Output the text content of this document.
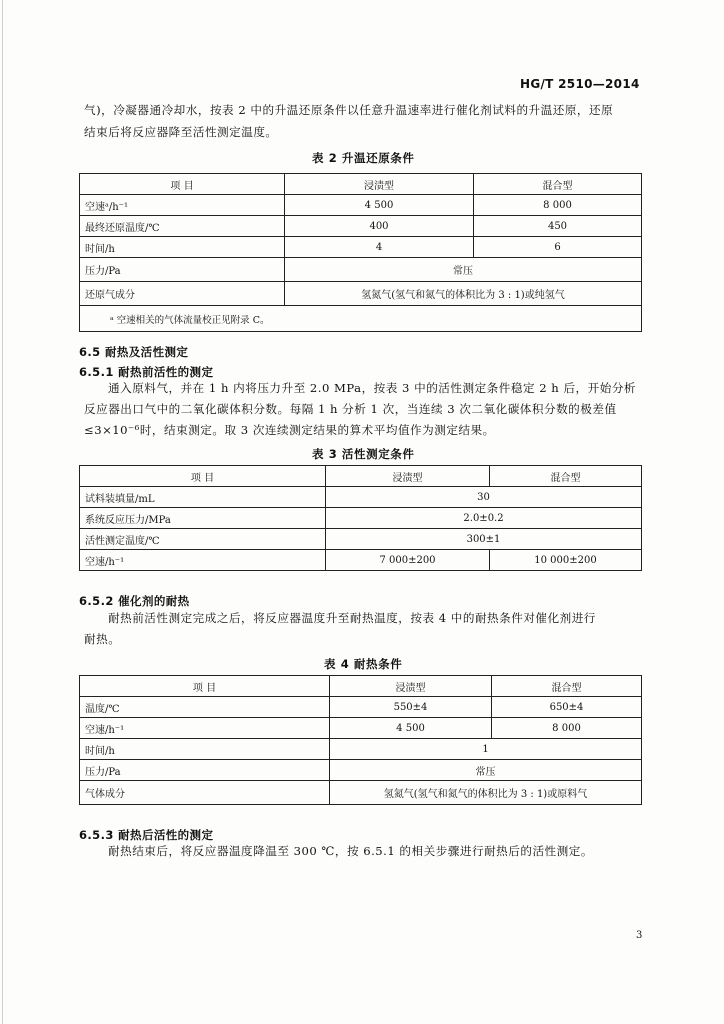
HG/T 2510—2014
气)，冷凝器通冷却水，按表 2 中的升温还原条件以任意升温速率进行催化剂试料的升温还原，还原
结束后将反应器降至活性测定温度。
表 2 升温还原条件
项 目	浸渍型	混合型
空速ᵃ/h⁻¹	4 500	8 000
最终还原温度/℃	400	450
时间/h	4	6
压力/Pa	常压	
还原气成分	氢氮气(氢气和氮气的体积比为 3 : 1)或纯氢气	
ᵃ 空速相关的气体流量校正见附录 C。		
6.5 耐热及活性测定
6.5.1 耐热前活性的测定
通入原料气，并在 1 h 内将压力升至 2.0 MPa，按表 3 中的活性测定条件稳定 2 h 后，开始分析
反应器出口气中的二氧化碳体积分数。每隔 1 h 分析 1 次，当连续 3 次二氧化碳体积分数的极差值
≤3×10⁻⁶时，结束测定。取 3 次连续测定结果的算术平均值作为测定结果。
表 3 活性测定条件
项 目	浸渍型	混合型
试料装填量/mL	30	
系统反应压力/MPa	2.0±0.2	
活性测定温度/℃	300±1	
空速/h⁻¹	7 000±200	10 000±200
6.5.2 催化剂的耐热
耐热前活性测定完成之后，将反应器温度升至耐热温度，按表 4 中的耐热条件对催化剂进行
耐热。
表 4 耐热条件
项 目	浸渍型	混合型
温度/℃	550±4	650±4
空速/h⁻¹	4 500	8 000
时间/h	1	
压力/Pa	常压	
气体成分	氢氮气(氢气和氮气的体积比为 3 : 1)或原料气	
6.5.3 耐热后活性的测定
耐热结束后，将反应器温度降温至 300 ℃，按 6.5.1 的相关步骤进行耐热后的活性测定。
3
